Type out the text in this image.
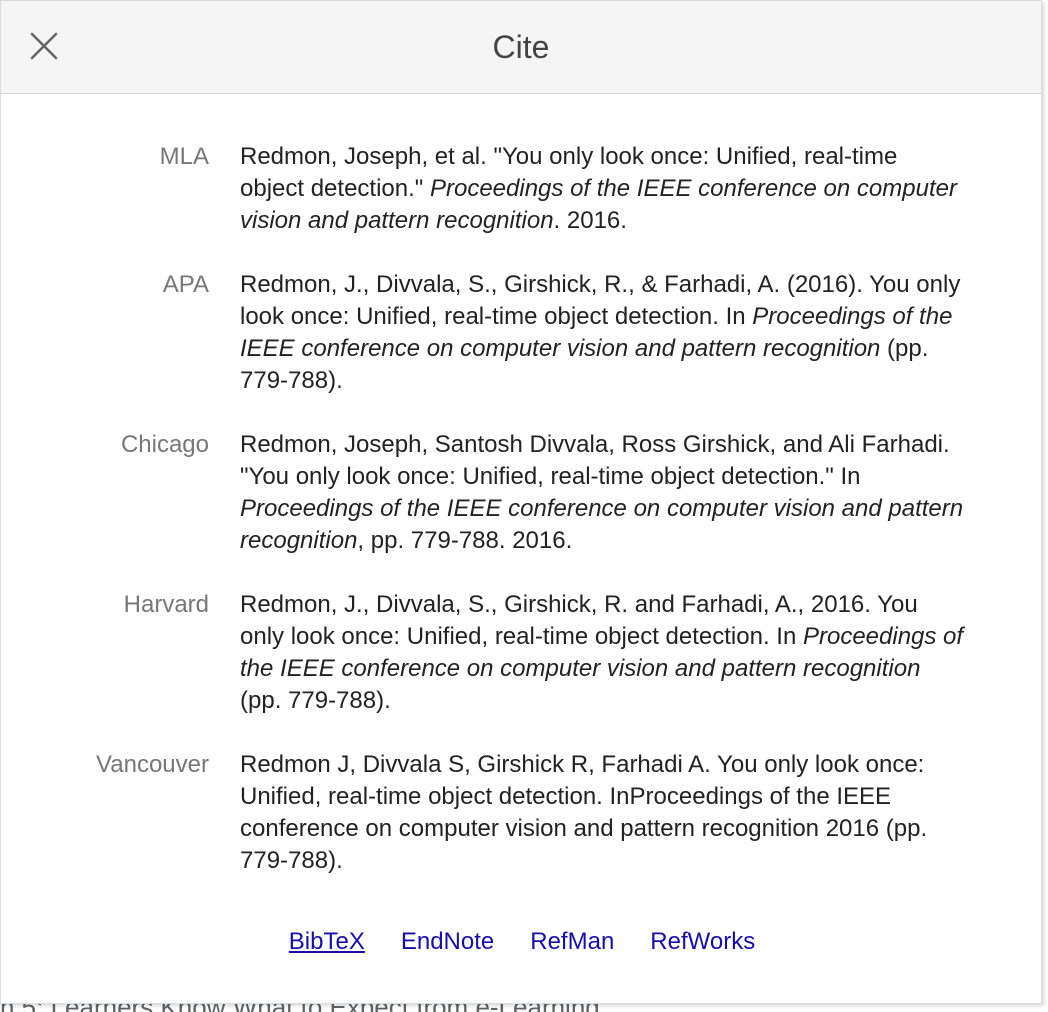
Cite
MLA Redmon, Joseph, et al. "You only look once: Unified, real-time object detection." Proceedings of the IEEE conference on computer vision and pattern recognition. 2016.
APA Redmon, J., Divvala, S., Girshick, R., & Farhadi, A. (2016). You only look once: Unified, real-time object detection. In Proceedings of the IEEE conference on computer vision and pattern recognition (pp. 779-788).
Chicago Redmon, Joseph, Santosh Divvala, Ross Girshick, and Ali Farhadi. "You only look once: Unified, real-time object detection." In Proceedings of the IEEE conference on computer vision and pattern recognition, pp. 779-788. 2016.
Harvard Redmon, J., Divvala, S., Girshick, R. and Farhadi, A., 2016. You only look once: Unified, real-time object detection. In Proceedings of the IEEE conference on computer vision and pattern recognition (pp. 779-788).
Vancouver Redmon J, Divvala S, Girshick R, Farhadi A. You only look once: Unified, real-time object detection. InProceedings of the IEEE conference on computer vision and pattern recognition 2016 (pp. 779-788).
BibTeX EndNote RefMan RefWorks
